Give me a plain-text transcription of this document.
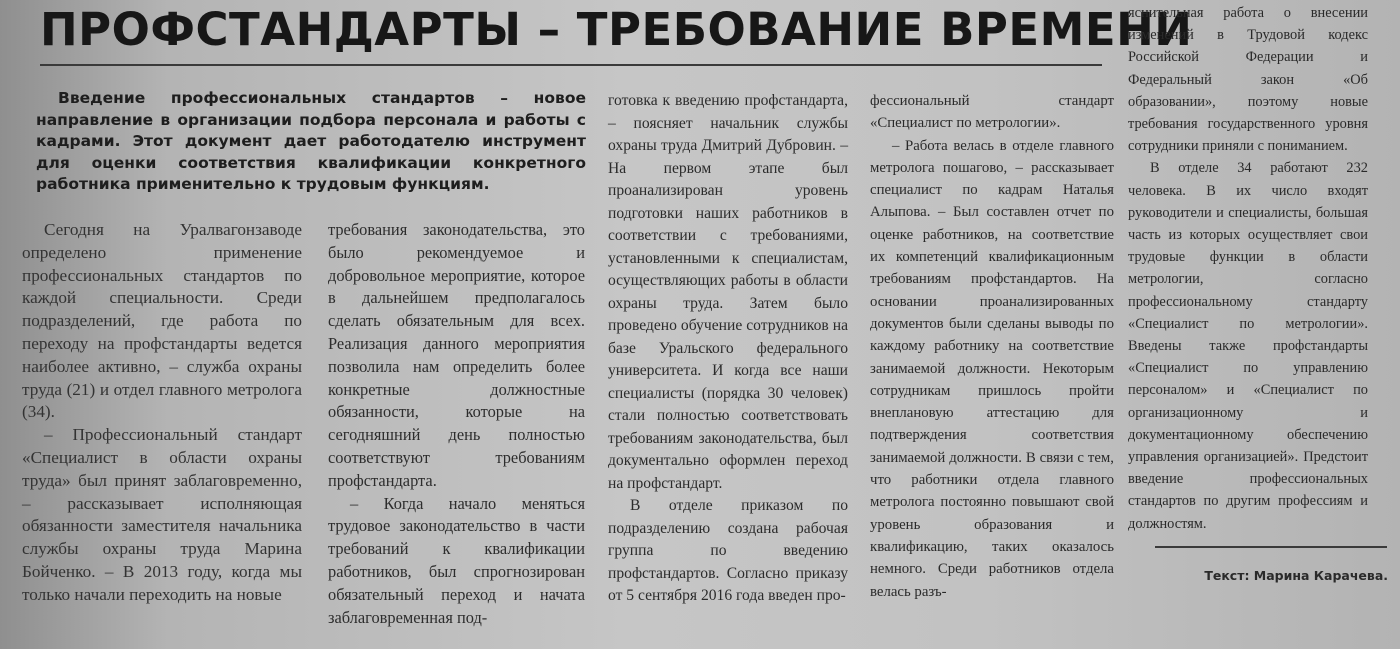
ПРОФСТАНДАРТЫ – ТРЕБОВАНИЕ ВРЕМЕНИ

Введение профессиональных стандартов – новое направление в организации подбора персонала и работы с кадрами. Этот документ дает работодателю инструмент для оценки соответствия квалификации конкретного работника применительно к трудовым функциям.

Сегодня на Уралвагонзаводе определено применение профессиональных стандартов по каждой специальности. Среди подразделений, где работа по переходу на профстандарты ведется наиболее активно, – служба охраны труда (21) и отдел главного метролога (34).

– Профессиональный стандарт «Специалист в области охраны труда» был принят заблаговременно, – рассказывает исполняющая обязанности заместителя начальника службы охраны труда Марина Бойченко. – В 2013 году, когда мы только начали переходить на новые

требования законодательства, это было рекомендуемое и добровольное мероприятие, которое в дальнейшем предполагалось сделать обязательным для всех. Реализация данного мероприятия позволила нам определить более конкретные должностные обязанности, которые на сегодняшний день полностью соответствуют требованиям профстандарта.

– Когда начало меняться трудовое законодательство в части требований к квалификации работников, был спрогнозирован обязательный переход и начата заблаговременная под-

готовка к введению профстандарта, – поясняет начальник службы охраны труда Дмитрий Дубровин. – На первом этапе был проанализирован уровень подготовки наших работников в соответствии с требованиями, установленными к специалистам, осуществляющих работы в области охраны труда. Затем было проведено обучение сотрудников на базе Уральского федерального университета. И когда все наши специалисты (порядка 30 человек) стали полностью соответствовать требованиям законодательства, был документально оформлен переход на профстандарт.

В отделе приказом по подразделению создана рабочая группа по введению профстандартов. Согласно приказу от 5 сентября 2016 года введен про-

фессиональный стандарт «Специалист по метрологии».

– Работа велась в отделе главного метролога пошагово, – рассказывает специалист по кадрам Наталья Алыпова. – Был составлен отчет по оценке работников, на соответствие их компетенций квалификационным требованиям профстандартов. На основании проанализированных документов были сделаны выводы по каждому работнику на соответствие занимаемой должности. Некоторым сотрудникам пришлось пройти внеплановую аттестацию для подтверждения соответствия занимаемой должности. В связи с тем, что работники отдела главного метролога постоянно повышают свой уровень образования и квалификацию, таких оказалось немного. Среди работников отдела велась разъ-

яснительная работа о внесении изменений в Трудовой кодекс Российской Федерации и Федеральный закон «Об образовании», поэтому новые требования государственного уровня сотрудники приняли с пониманием.

В отделе 34 работают 232 человека. В их число входят руководители и специалисты, большая часть из которых осуществляет свои трудовые функции в области метрологии, согласно профессиональному стандарту «Специалист по метрологии». Введены также профстандарты «Специалист по управлению персоналом» и «Специалист по организационному и документационному обеспечению управления организацией». Предстоит введение профессиональных стандартов по другим профессиям и должностям.

Текст: Марина Карачева.
